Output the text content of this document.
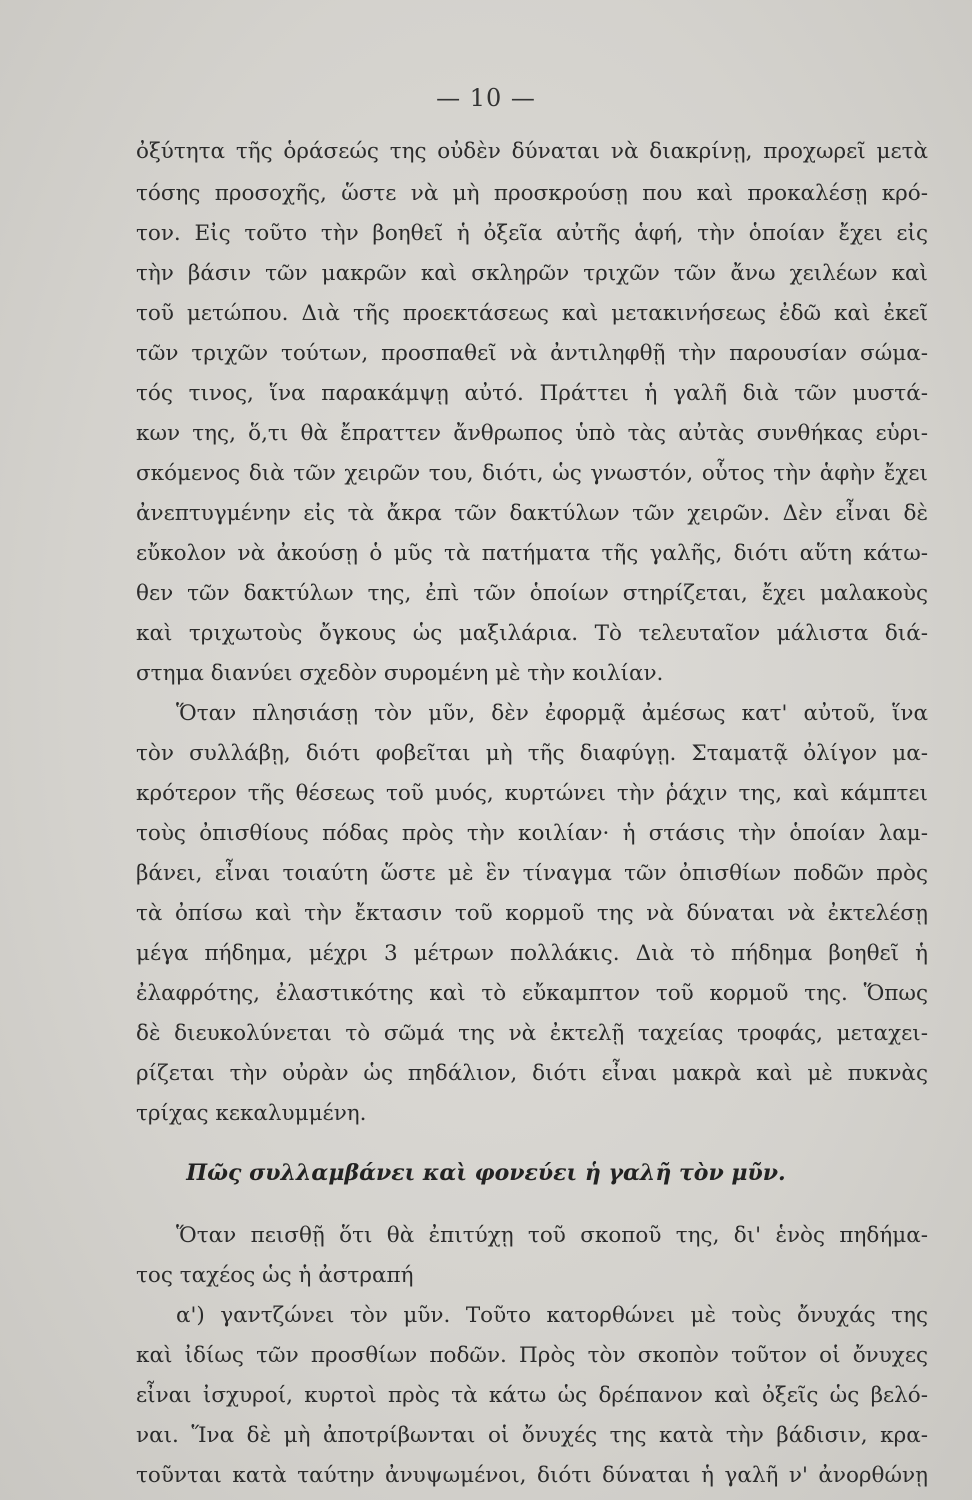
— 10 —
ὀξύτητα τῆς ὁράσεώς της οὐδὲν δύναται νὰ διακρίνῃ, προχωρεῖ μετὰ
τόσης προσοχῆς, ὥστε νὰ μὴ προσκρούσῃ που καὶ προκαλέσῃ κρό-
τον. Εἰς τοῦτο τὴν βοηθεῖ ἡ ὀξεῖα αὐτῆς ἁφή, τὴν ὁποίαν ἔχει εἰς
τὴν βάσιν τῶν μακρῶν καὶ σκληρῶν τριχῶν τῶν ἄνω χειλέων καὶ
τοῦ μετώπου. Διὰ τῆς προεκτάσεως καὶ μετακινήσεως ἐδῶ καὶ ἐκεῖ
τῶν τριχῶν τούτων, προσπαθεῖ νὰ ἀντιληφθῇ τὴν παρουσίαν σώμα-
τός τινος, ἵνα παρακάμψῃ αὐτό. Πράττει ἡ γαλῆ διὰ τῶν μυστά-
κων της, ὅ,τι θὰ ἔπραττεν ἄνθρωπος ὑπὸ τὰς αὐτὰς συνθήκας εὑρι-
σκόμενος διὰ τῶν χειρῶν του, διότι, ὡς γνωστόν, οὗτος τὴν ἁφὴν ἔχει
ἀνεπτυγμένην εἰς τὰ ἄκρα τῶν δακτύλων τῶν χειρῶν. Δὲν εἶναι δὲ
εὔκολον νὰ ἀκούσῃ ὁ μῦς τὰ πατήματα τῆς γαλῆς, διότι αὕτη κάτω-
θεν τῶν δακτύλων της, ἐπὶ τῶν ὁποίων στηρίζεται, ἔχει μαλακοὺς
καὶ τριχωτοὺς ὄγκους ὡς μαξιλάρια. Τὸ τελευταῖον μάλιστα διά-
στημα διανύει σχεδὸν συρομένη μὲ τὴν κοιλίαν.
Ὅταν πλησιάσῃ τὸν μῦν, δὲν ἐφορμᾷ ἀμέσως κατ' αὐτοῦ, ἵνα
τὸν συλλάβῃ, διότι φοβεῖται μὴ τῆς διαφύγῃ. Σταματᾷ ὀλίγον μα-
κρότερον τῆς θέσεως τοῦ μυός, κυρτώνει τὴν ῥάχιν της, καὶ κάμπτει
τοὺς ὀπισθίους πόδας πρὸς τὴν κοιλίαν· ἡ στάσις τὴν ὁποίαν λαμ-
βάνει, εἶναι τοιαύτη ὥστε μὲ ἓν τίναγμα τῶν ὀπισθίων ποδῶν πρὸς
τὰ ὀπίσω καὶ τὴν ἔκτασιν τοῦ κορμοῦ της νὰ δύναται νὰ ἐκτελέσῃ
μέγα πήδημα, μέχρι 3 μέτρων πολλάκις. Διὰ τὸ πήδημα βοηθεῖ ἡ
ἐλαφρότης, ἐλαστικότης καὶ τὸ εὔκαμπτον τοῦ κορμοῦ της. Ὅπως
δὲ διευκολύνεται τὸ σῶμά της νὰ ἐκτελῇ ταχείας τροφάς, μεταχει-
ρίζεται τὴν οὐρὰν ὡς πηδάλιον, διότι εἶναι μακρὰ καὶ μὲ πυκνὰς
τρίχας κεκαλυμμένη.
Πῶς συλλαμβάνει καὶ φονεύει ἡ γαλῆ τὸν μῦν.
Ὅταν πεισθῇ ὅτι θὰ ἐπιτύχῃ τοῦ σκοποῦ της, δι' ἑνὸς πηδήμα-
τος ταχέος ὡς ἡ ἀστραπή
α') γαντζώνει τὸν μῦν. Τοῦτο κατορθώνει μὲ τοὺς ὄνυχάς της
καὶ ἰδίως τῶν προσθίων ποδῶν. Πρὸς τὸν σκοπὸν τοῦτον οἱ ὄνυχες
εἶναι ἰσχυροί, κυρτοὶ πρὸς τὰ κάτω ὡς δρέπανον καὶ ὀξεῖς ὡς βελό-
ναι. Ἵνα δὲ μὴ ἀποτρίβωνται οἱ ὄνυχές της κατὰ τὴν βάδισιν, κρα-
τοῦνται κατὰ ταύτην ἀνυψωμένοι, διότι δύναται ἡ γαλῆ ν' ἀνορθώνῃ
